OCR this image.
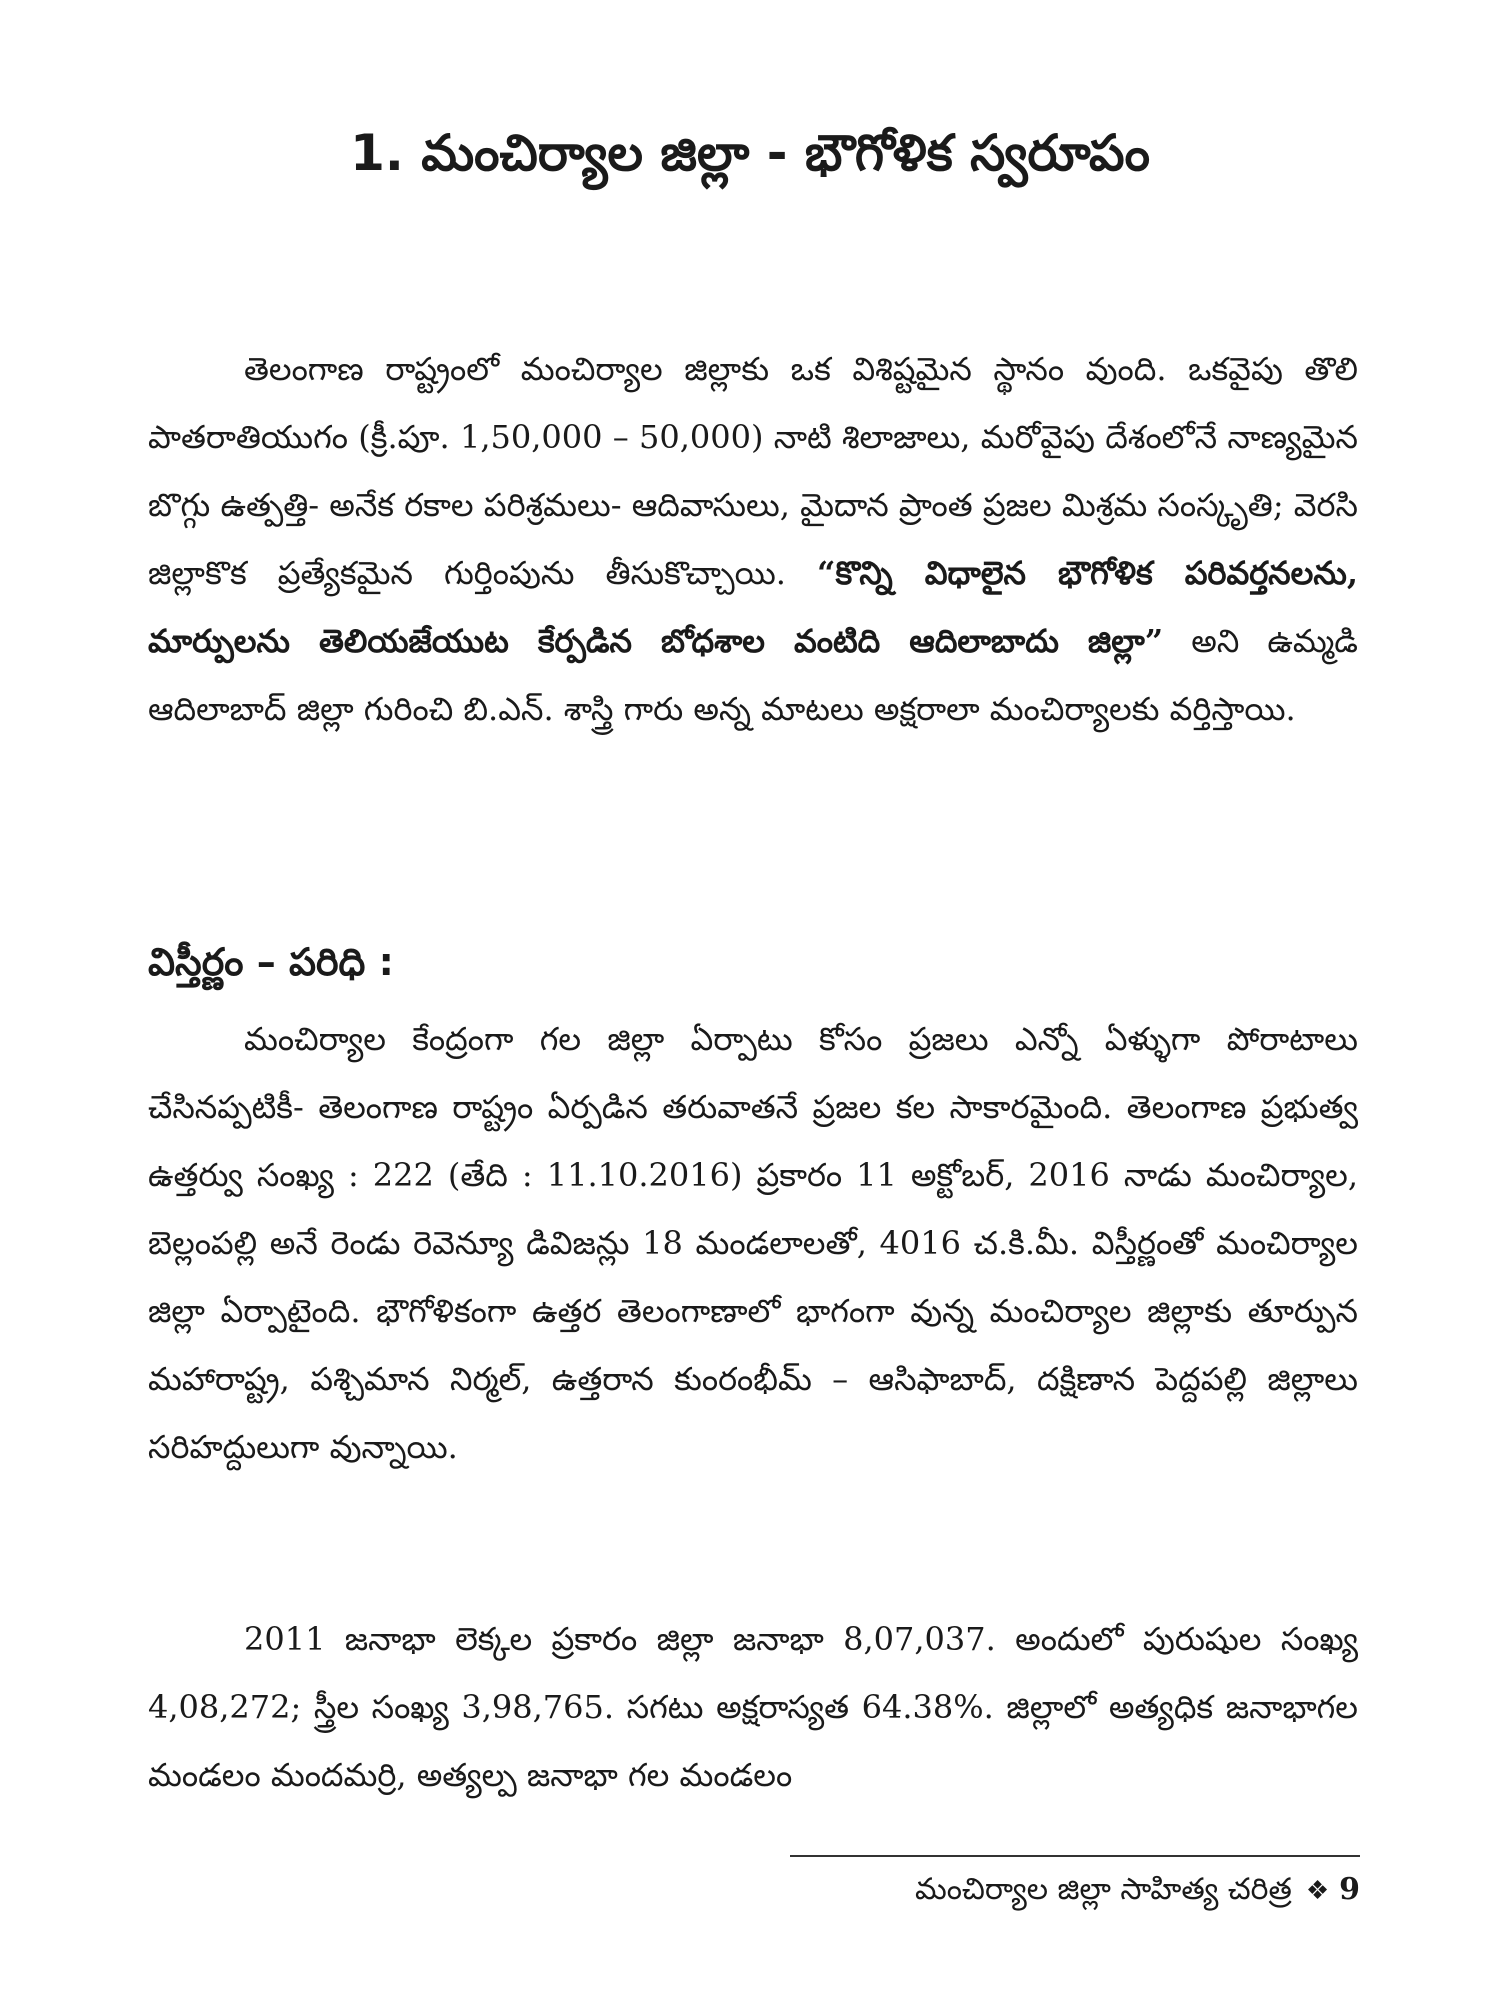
1. మంచిర్యాల జిల్లా - భౌగోళిక స్వరూపం

తెలంగాణ రాష్ట్రంలో మంచిర్యాల జిల్లాకు ఒక విశిష్టమైన స్థానం వుంది. ఒకవైపు తొలి పాతరాతియుగం (క్రీ.పూ. 1,50,000 – 50,000) నాటి శిలాజాలు, మరోవైపు దేశంలోనే నాణ్యమైన బొగ్గు ఉత్పత్తి- అనేక రకాల పరిశ్రమలు- ఆదివాసులు, మైదాన ప్రాంత ప్రజల మిశ్రమ సంస్కృతి; వెరసి జిల్లాకొక ప్రత్యేకమైన గుర్తింపును తీసుకొచ్చాయి. “కొన్ని విధాలైన భౌగోళిక పరివర్తనలను, మార్పులను తెలియజేయుట కేర్పడిన బోధశాల వంటిది ఆదిలాబాదు జిల్లా” అని ఉమ్మడి ఆదిలాబాద్ జిల్లా గురించి బి.ఎన్. శాస్త్రి గారు అన్న మాటలు అక్షరాలా మంచిర్యాలకు వర్తిస్తాయి.

విస్తీర్ణం – పరిధి :

మంచిర్యాల కేంద్రంగా గల జిల్లా ఏర్పాటు కోసం ప్రజలు ఎన్నో ఏళ్ళుగా పోరాటాలు చేసినప్పటికీ- తెలంగాణ రాష్ట్రం ఏర్పడిన తరువాతనే ప్రజల కల సాకారమైంది. తెలంగాణ ప్రభుత్వ ఉత్తర్వు సంఖ్య : 222 (తేది : 11.10.2016) ప్రకారం 11 అక్టోబర్, 2016 నాడు మంచిర్యాల, బెల్లంపల్లి అనే రెండు రెవెన్యూ డివిజన్లు 18 మండలాలతో, 4016 చ.కి.మీ. విస్తీర్ణంతో మంచిర్యాల జిల్లా ఏర్పాటైంది. భౌగోళికంగా ఉత్తర తెలంగాణాలో భాగంగా వున్న మంచిర్యాల జిల్లాకు తూర్పున మహారాష్ట్ర, పశ్చిమాన నిర్మల్, ఉత్తరాన కుంరంభీమ్ – ఆసిఫాబాద్, దక్షిణాన పెద్దపల్లి జిల్లాలు సరిహద్దులుగా వున్నాయి.

2011 జనాభా లెక్కల ప్రకారం జిల్లా జనాభా 8,07,037. అందులో పురుషుల సంఖ్య 4,08,272; స్త్రీల సంఖ్య 3,98,765. సగటు అక్షరాస్యత 64.38%. జిల్లాలో అత్యధిక జనాభాగల మండలం మందమర్రి, అత్యల్ప జనాభా గల మండలం

మంచిర్యాల జిల్లా సాహిత్య చరిత్ర ❖ 9
